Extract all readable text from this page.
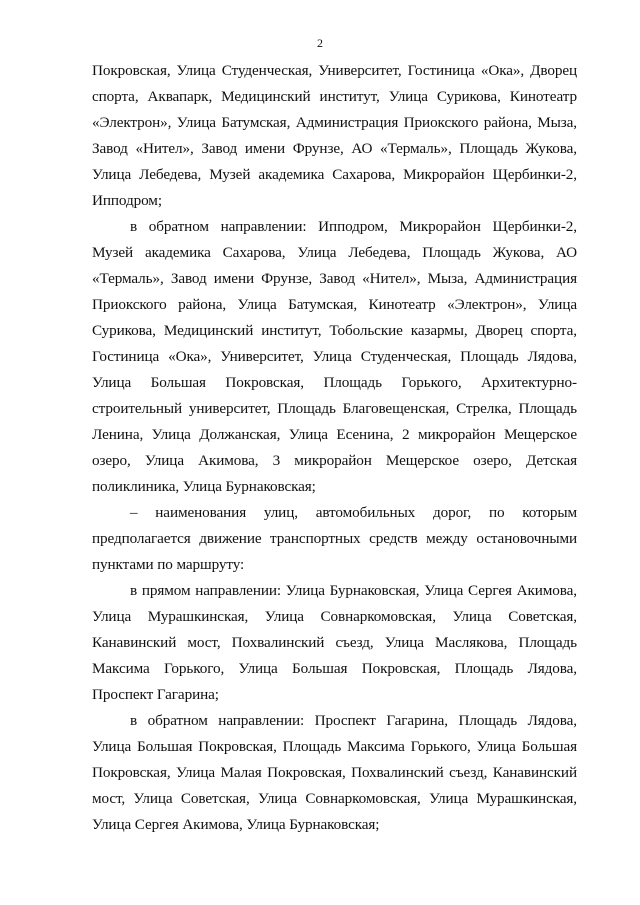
2

Покровская, Улица Студенческая, Университет, Гостиница «Ока», Дворец спорта, Аквапарк, Медицинский институт, Улица Сурикова, Кинотеатр «Электрон», Улица Батумская, Администрация Приокского района, Мыза, Завод «Нител», Завод имени Фрунзе, АО «Термаль», Площадь Жукова, Улица Лебедева, Музей академика Сахарова, Микрорайон Щербинки-2, Ипподром;

в обратном направлении: Ипподром, Микрорайон Щербинки-2, Музей академика Сахарова, Улица Лебедева, Площадь Жукова, АО «Термаль», Завод имени Фрунзе, Завод «Нител», Мыза, Администрация Приокского района, Улица Батумская, Кинотеатр «Электрон», Улица Сурикова, Медицинский институт, Тобольские казармы, Дворец спорта, Гостиница «Ока», Университет, Улица Студенческая, Площадь Лядова, Улица Большая Покровская, Площадь Горького, Архитектурно-строительный университет, Площадь Благовещенская, Стрелка, Площадь Ленина, Улица Должанская, Улица Есенина, 2 микрорайон Мещерское озеро, Улица Акимова, 3 микрорайон Мещерское озеро, Детская поликлиника, Улица Бурнаковская;

– наименования улиц, автомобильных дорог, по которым предполагается движение транспортных средств между остановочными пунктами по маршруту:

в прямом направлении: Улица Бурнаковская, Улица Сергея Акимова, Улица Мурашкинская, Улица Совнаркомовская, Улица Советская, Канавинский мост, Похвалинский съезд, Улица Маслякова, Площадь Максима Горького, Улица Большая Покровская, Площадь Лядова, Проспект Гагарина;

в обратном направлении: Проспект Гагарина, Площадь Лядова, Улица Большая Покровская, Площадь Максима Горького, Улица Большая Покровская, Улица Малая Покровская, Похвалинский съезд, Канавинский мост, Улица Советская, Улица Совнаркомовская, Улица Мурашкинская, Улица Сергея Акимова, Улица Бурнаковская;
